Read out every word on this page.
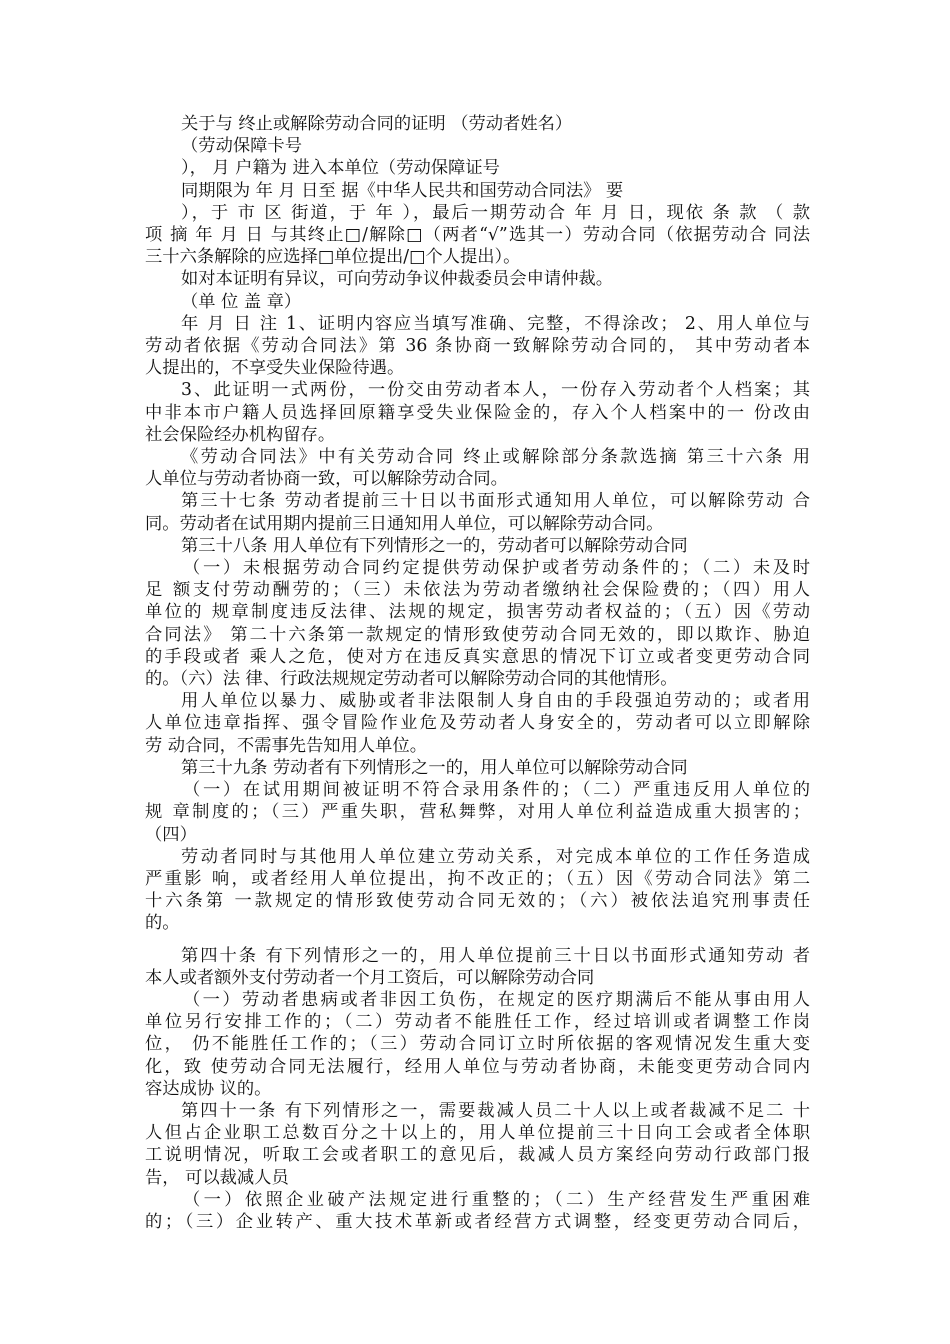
关于与 终止或解除劳动合同的证明 （劳动者姓名）
（劳动保障卡号
）， 月 户籍为 进入本单位（劳动保障证号
同期限为 年 月 日至 据《中华人民共和国劳动合同法》 要
），于 市 区 街道，于 年 ），最后一期劳动合 年 月 日，现依 条 款 （ 款
项 摘 年 月 日 与其终止□/解除□（两者“√”选其一）劳动合同（依据劳动合 同法
三十六条解除的应选择□单位提出/□个人提出）。
如对本证明有异议，可向劳动争议仲裁委员会申请仲裁。
（单 位 盖 章）
年 月 日 注 1、证明内容应当填写准确、完整，不得涂改； 2、用人单位与
劳动者依据《劳动合同法》第 36 条协商一致解除劳动合同的， 其中劳动者本
人提出的，不享受失业保险待遇。
3、此证明一式两份，一份交由劳动者本人，一份存入劳动者个人档案；其
中非本市户籍人员选择回原籍享受失业保险金的，存入个人档案中的一 份改由
社会保险经办机构留存。
《劳动合同法》中有关劳动合同 终止或解除部分条款选摘 第三十六条 用
人单位与劳动者协商一致，可以解除劳动合同。
第三十七条 劳动者提前三十日以书面形式通知用人单位，可以解除劳动 合
同。劳动者在试用期内提前三日通知用人单位，可以解除劳动合同。
第三十八条 用人单位有下列情形之一的，劳动者可以解除劳动合同
（一）未根据劳动合同约定提供劳动保护或者劳动条件的；（二）未及时
足 额支付劳动酬劳的；（三）未依法为劳动者缴纳社会保险费的；（四）用人
单位的 规章制度违反法律、法规的规定，损害劳动者权益的；（五）因《劳动
合同法》 第二十六条第一款规定的情形致使劳动合同无效的，即以欺诈、胁迫
的手段或者 乘人之危，使对方在违反真实意思的情况下订立或者变更劳动合同
的。（六）法 律、行政法规规定劳动者可以解除劳动合同的其他情形。
用人单位以暴力、威胁或者非法限制人身自由的手段强迫劳动的；或者用
人单位违章指挥、强令冒险作业危及劳动者人身安全的，劳动者可以立即解除
劳 动合同，不需事先告知用人单位。
第三十九条 劳动者有下列情形之一的，用人单位可以解除劳动合同
（一）在试用期间被证明不符合录用条件的；（二）严重违反用人单位的
规 章制度的；（三）严重失职，营私舞弊，对用人单位利益造成重大损害的；
（四）
劳动者同时与其他用人单位建立劳动关系，对完成本单位的工作任务造成
严重影 响，或者经用人单位提出，拘不改正的；（五）因《劳动合同法》第二
十六条第 一款规定的情形致使劳动合同无效的；（六）被依法追究刑事责任
的。
第四十条 有下列情形之一的，用人单位提前三十日以书面形式通知劳动 者
本人或者额外支付劳动者一个月工资后，可以解除劳动合同
（一）劳动者患病或者非因工负伤，在规定的医疗期满后不能从事由用人
单位另行安排工作的；（二）劳动者不能胜任工作，经过培训或者调整工作岗
位， 仍不能胜任工作的；（三）劳动合同订立时所依据的客观情况发生重大变
化，致 使劳动合同无法履行，经用人单位与劳动者协商，未能变更劳动合同内
容达成协 议的。
第四十一条 有下列情形之一，需要裁减人员二十人以上或者裁减不足二 十
人但占企业职工总数百分之十以上的，用人单位提前三十日向工会或者全体职
工说明情况，听取工会或者职工的意见后，裁减人员方案经向劳动行政部门报
告， 可以裁减人员
（一）依照企业破产法规定进行重整的；（二）生产经营发生严重困难
的；（三）企业转产、重大技术革新或者经营方式调整，经变更劳动合同后，
